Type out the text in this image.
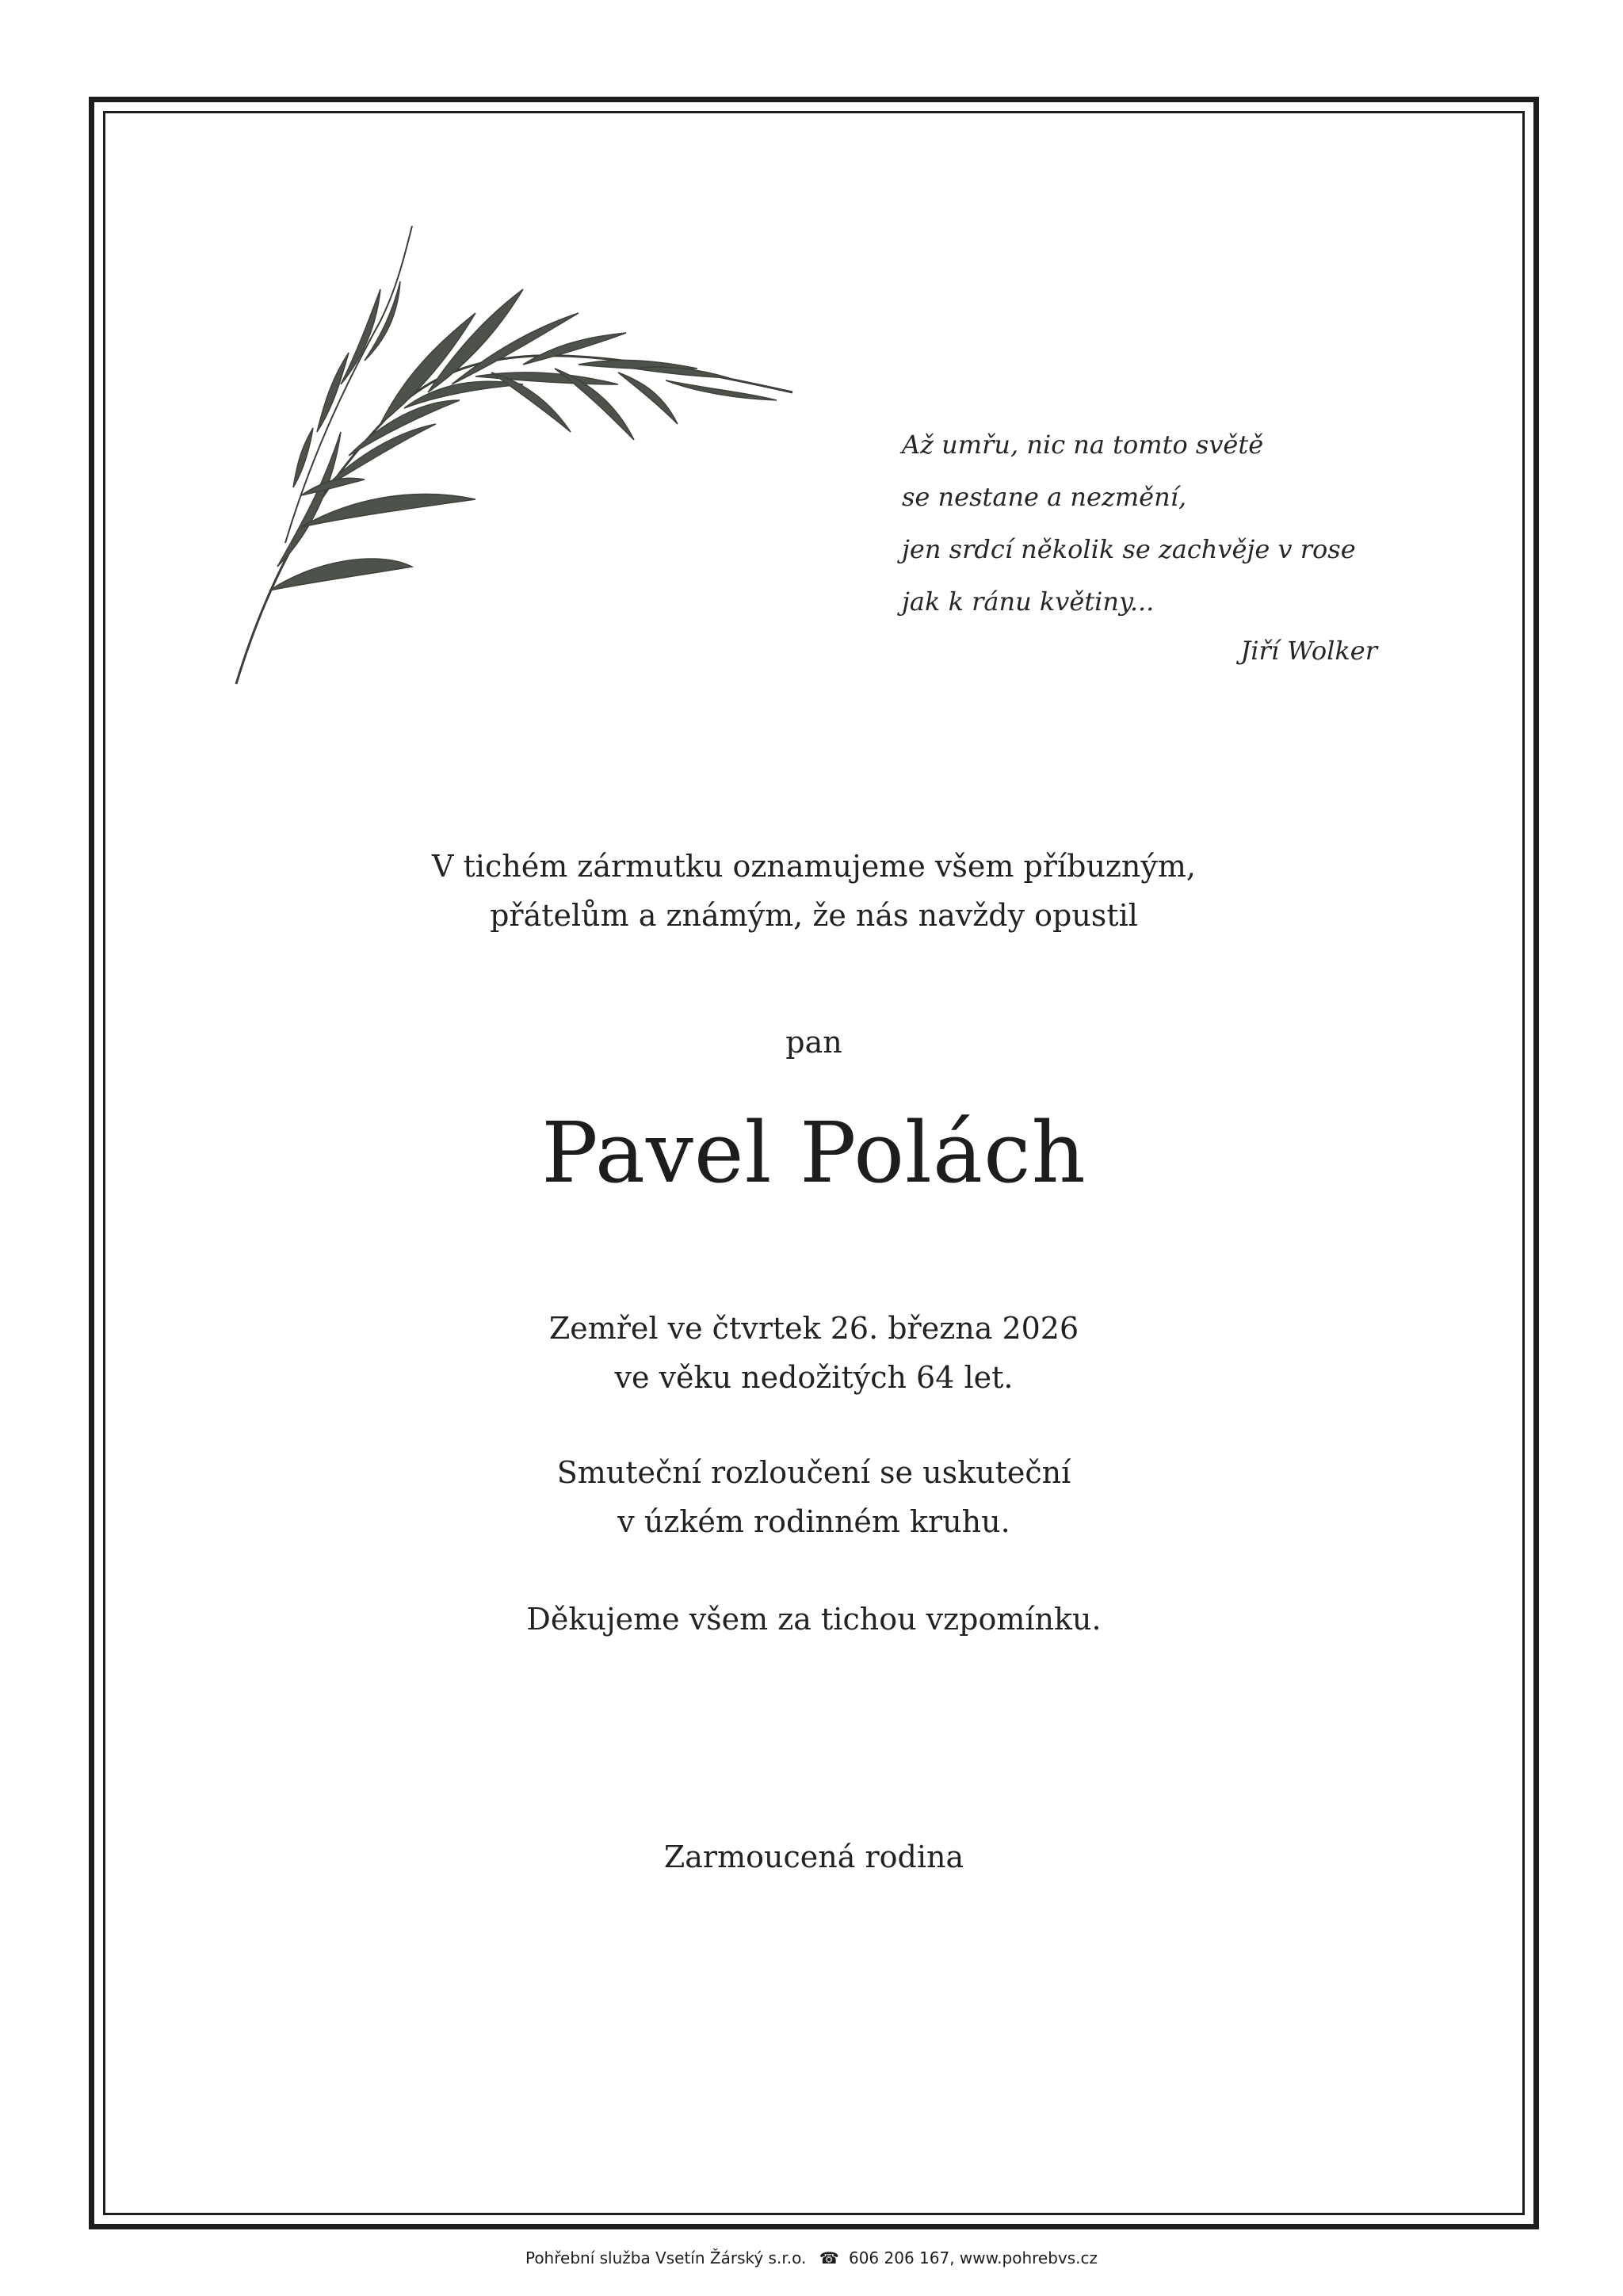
Až umřu, nic na tomto světě
se nestane a nezmění,
jen srdcí několik se zachvěje v rose
jak k ránu květiny...
Jiří Wolker
V tichém zármutku oznamujeme všem příbuzným,
přátelům a známým, že nás navždy opustil
pan
Pavel Polách
Zemřel ve čtvrtek 26. března 2026
ve věku nedožitých 64 let.
Smuteční rozloučení se uskuteční
v úzkém rodinném kruhu.
Děkujeme všem za tichou vzpomínku.
Zarmoucená rodina
Pohřební služba Vsetín Žárský s.r.o. ☎ 606 206 167, www.pohrebvs.cz
